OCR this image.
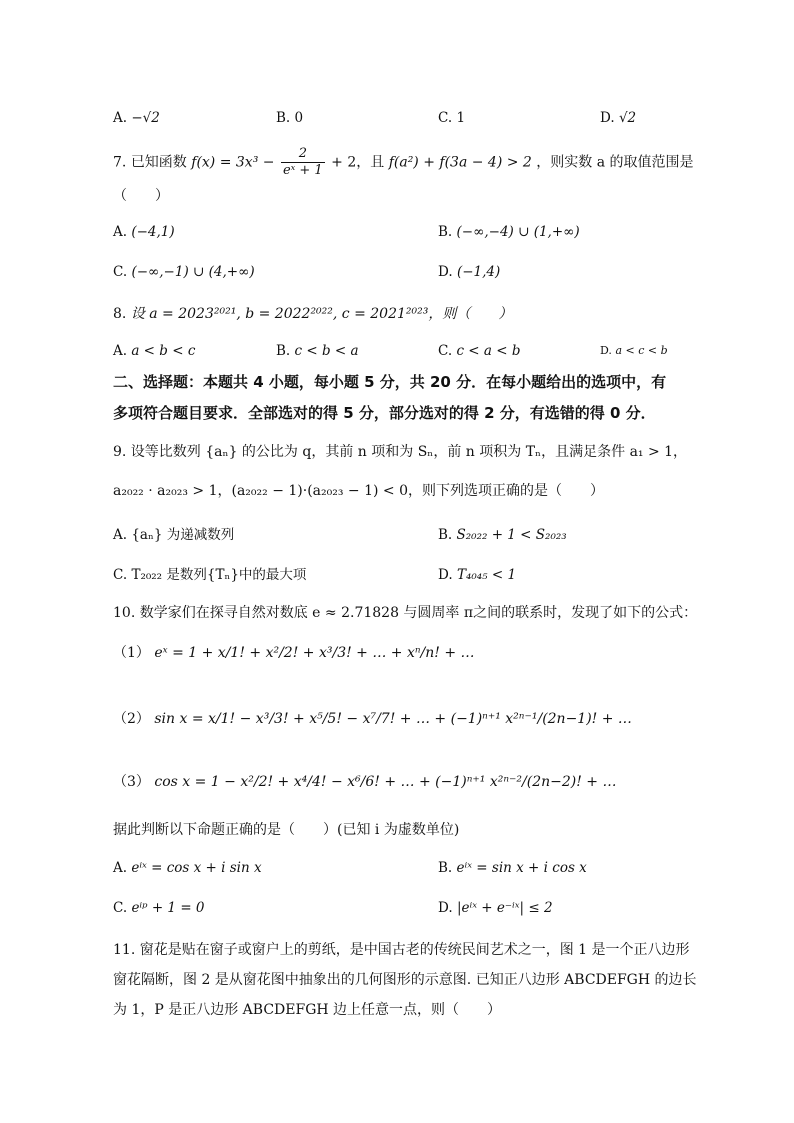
A. −√2	B. 0	C. 1	D. √2
7. 已知函数 $f(x) = 3x^3 - \frac{2}{\text{eˣ + 1}} + 2$，且 f(a²) + f(3a − 4) > 2 ，则实数 a 的取值范围是
（　　）
A. (−4,1)	B. (−∞,−4) ∪ (1,+∞)
C. (−∞,−1) ∪ (4,+∞)	D. (−1,4)
8. 设 a = 2023²⁰²¹, b = 2022²⁰²², c = 2021²⁰²³，则（　　）
A. a < b < c	B. c < b < a	C. c < a < b	D. a < c < b
二、选择题：本题共 4 小题，每小题 5 分，共 20 分．在每小题给出的选项中，有
多项符合题目要求．全部选对的得 5 分，部分选对的得 2 分，有选错的得 0 分．
9. 设等比数列 {aₙ} 的公比为 q，其前 n 项和为 Sₙ，前 n 项积为 Tₙ，且满足条件 a₁ > 1，
a₂₀₂₂ · a₂₀₂₃ > 1，(a₂₀₂₂ − 1)·(a₂₀₂₃ − 1) < 0，则下列选项正确的是（　　）
A. {aₙ} 为递减数列	B. S₂₀₂₂ + 1 < S₂₀₂₃
C. T₂₀₂₂ 是数列{Tₙ}中的最大项	D. T₄₀₄₅ < 1
10. 数学家们在探寻自然对数底 e ≈ 2.71828 与圆周率 π之间的联系时，发现了如下的公式：
（1） eˣ = 1 + x/1! + x²/2! + x³/3! + … + xⁿ/n! + …
（2） sin x = x/1! − x³/3! + x⁵/5! − x⁷/7! + … + (−1)ⁿ⁺¹ x²ⁿ⁻¹/(2n−1)! + …
（3） cos x = 1 − x²/2! + x⁴/4! − x⁶/6! + … + (−1)ⁿ⁺¹ x²ⁿ⁻²/(2n−2)! + …
据此判断以下命题正确的是（　　）(已知 i 为虚数单位)
A. eⁱˣ = cos x + i sin x	B. eⁱˣ = sin x + i cos x
C. eⁱᵖ + 1 = 0	D. |eⁱˣ + e⁻ⁱˣ| ≤ 2
11. 窗花是贴在窗子或窗户上的剪纸，是中国古老的传统民间艺术之一，图 1 是一个正八边形
窗花隔断，图 2 是从窗花图中抽象出的几何图形的示意图. 已知正八边形 ABCDEFGH 的边长
为 1，P 是正八边形 ABCDEFGH 边上任意一点，则（　　）
